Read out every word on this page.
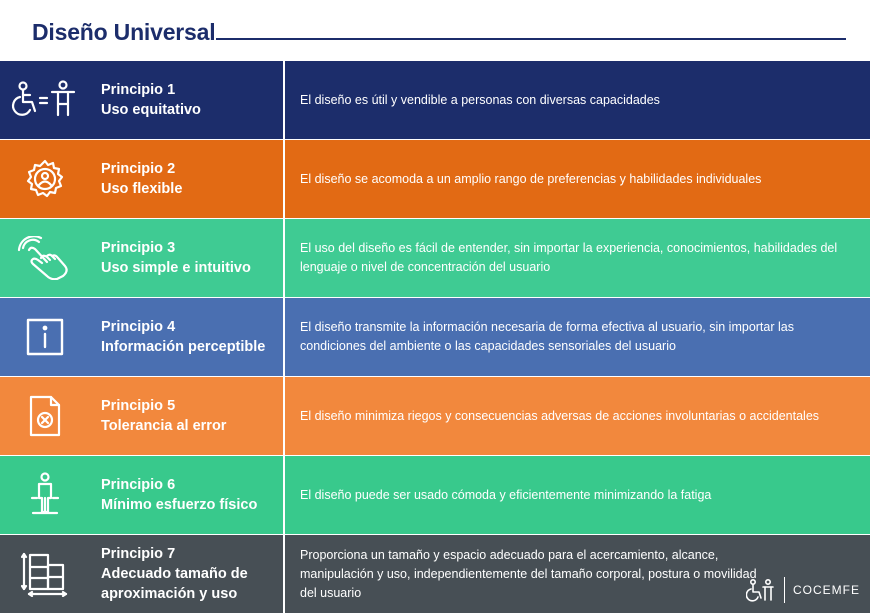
Diseño Universal
Principio 1
Uso equitativo
El diseño es útil y vendible a personas con diversas capacidades
Principio 2
Uso flexible
El diseño se acomoda a un amplio rango de preferencias y habilidades individuales
Principio 3
Uso simple e intuitivo
El uso del diseño es fácil de entender, sin importar la experiencia, conocimientos, habilidades del lenguaje o nivel de concentración del usuario
Principio 4
Información perceptible
El diseño transmite la información necesaria de forma efectiva al usuario, sin importar las condiciones del ambiente o las capacidades sensoriales del usuario
Principio 5
Tolerancia al error
El diseño minimiza riegos y consecuencias adversas de acciones involuntarias o accidentales
Principio 6
Mínimo esfuerzo físico
El diseño puede ser usado cómoda y eficientemente minimizando la fatiga
Principio 7
Adecuado tamaño de aproximación y uso
Proporciona un tamaño y espacio adecuado para el acercamiento, alcance, manipulación y uso, independientemente del tamaño corporal, postura o movilidad del usuario	COCEMFE
